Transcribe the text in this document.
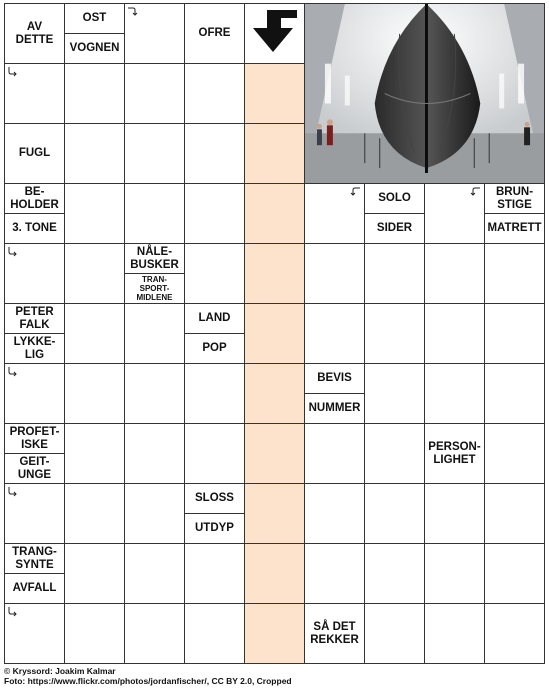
AV
DETTE
OST
VOGNEN
OFRE
FUGL
BE-
HOLDER
3. TONE
SOLO
SIDER
BRUN-
STIGE
MATRETT
NÅLE-
BUSKER
TRAN-
SPORT-
MIDLENE
PETER
FALK
LYKKE-
LIG
LAND
POP
BEVIS
NUMMER
PROFET-
ISKE
GEIT-
UNGE
PERSON-
LIGHET
SLOSS
UTDYP
TRANG-
SYNTE
AVFALL
SÅ DET
REKKER
© Kryssord: Joakim Kalmar
Foto: https://www.flickr.com/photos/jordanfischer/, CC BY 2.0, Cropped
